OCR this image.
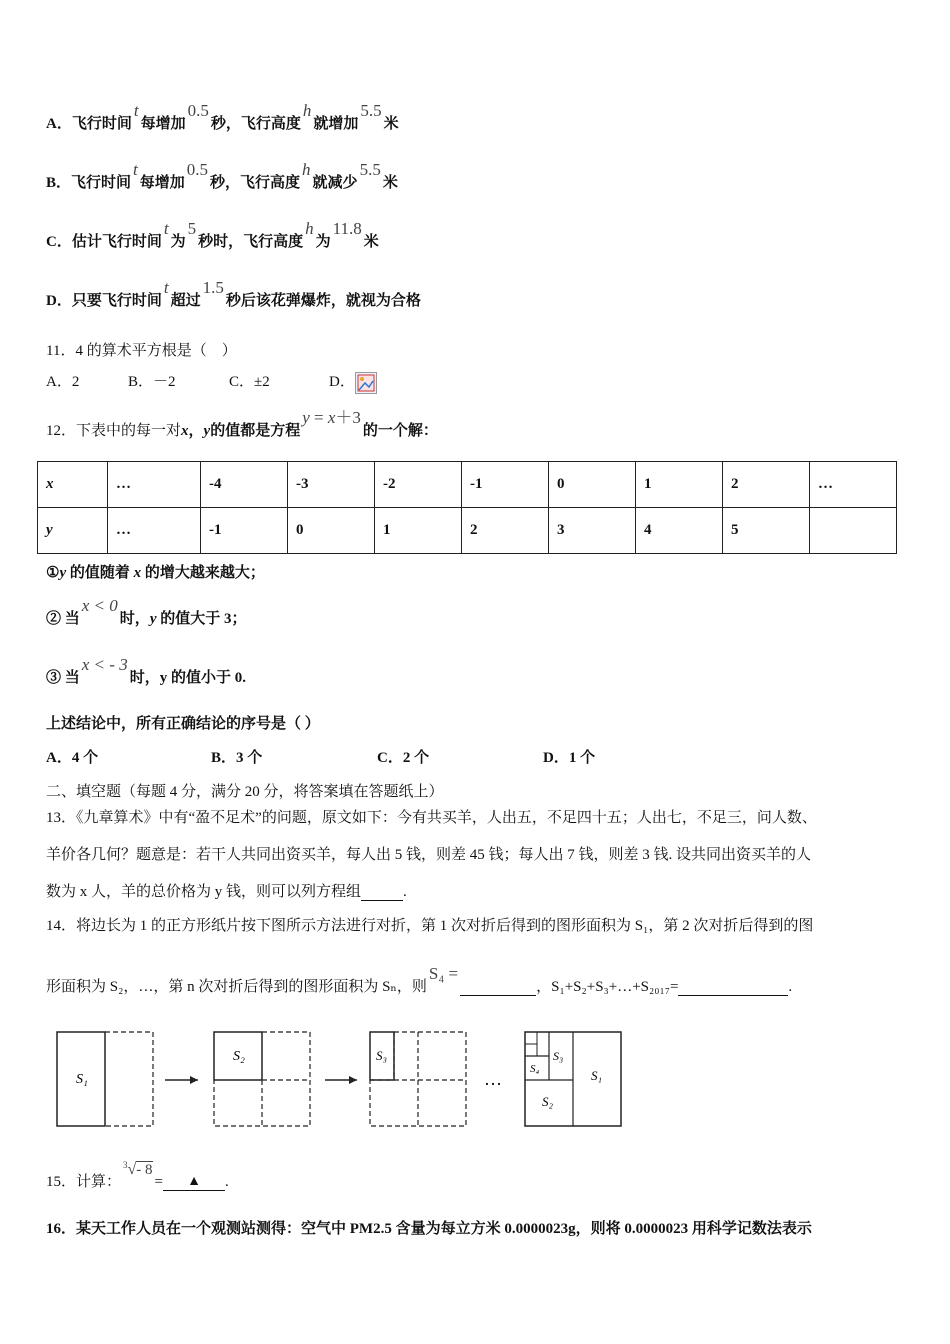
A．飞行时间t每增加0.5秒，飞行高度h就增加5.5米
B．飞行时间t每增加0.5秒，飞行高度h就减少5.5米
C．估计飞行时间t为5秒时，飞行高度h为11.8米
D．只要飞行时间t超过1.5秒后该花弹爆炸，就视为合格
11．4 的算术平方根是（　）
A．2	B．－2	C．±2	D．
12．下表中的每一对x，y的值都是方程y = x＋3的一个解：
x	…	-4	-3	-2	-1	0	1	2	…
y	…	-1	0	1	2	3	4	5	
①y 的值随着 x 的增大越来越大；
② 当x < 0时，y 的值大于 3；
③ 当x < - 3时，y 的值小于 0.
上述结论中，所有正确结论的序号是（ ）
A．4 个	B．3 个	C．2 个	D．1 个
二、填空题（每题 4 分，满分 20 分，将答案填在答题纸上）
13．《九章算术》中有“盈不足术”的问题，原文如下：今有共买羊，人出五，不足四十五；人出七，不足三，问人数、
羊价各几何？题意是：若干人共同出资买羊，每人出 5 钱，则差 45 钱；每人出 7 钱，则差 3 钱. 设共同出资买羊的人
数为 x 人，羊的总价格为 y 钱，则可以列方程组	.
14．将边长为 1 的正方形纸片按下图所示方法进行对折，第 1 次对折后得到的图形面积为 S₁，第 2 次对折后得到的图
形面积为 S₂，…，第 n 次对折后得到的图形面积为 Sₙ，则S₄ =，S₁+S₂+S₃+…+S₂₀₁₇=	.
S₁
S₂	S₃
…
S₃
S₄
S₂
S₁
15．计算：$^3$√- 8= ▲ .
16．某天工作人员在一个观测站测得：空气中 PM2.5 含量为每立方米 0.0000023g，则将 0.0000023 用科学记数法表示
